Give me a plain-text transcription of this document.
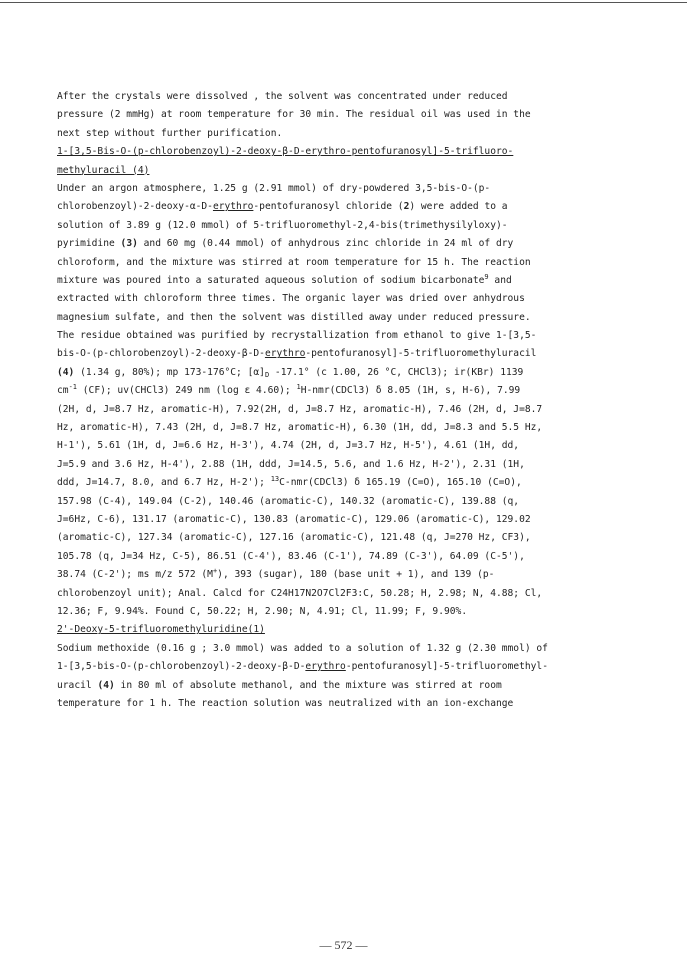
After the crystals were dissolved , the solvent was concentrated under reduced
pressure (2 mmHg) at room temperature for 30 min. The residual oil was used in the
next step without further purification.
1-[3,5-Bis-O-(p-chlorobenzoyl)-2-deoxy-β-D-erythro-pentofuranosyl]-5-trifluoro-
methyluracil (4)
Under an argon atmosphere, 1.25 g (2.91 mmol) of dry-powdered 3,5-bis-O-(p-
chlorobenzoyl)-2-deoxy-α-D-erythro-pentofuranosyl chloride (2) were added to a
solution of 3.89 g (12.0 mmol) of 5-trifluoromethyl-2,4-bis(trimethysilyloxy)-
pyrimidine (3) and 60 mg (0.44 mmol) of anhydrous zinc chloride in 24 ml of dry
chloroform, and the mixture was stirred at room temperature for 15 h. The reaction
mixture was poured into a saturated aqueous solution of sodium bicarbonate$^9$ and
extracted with chloroform three times. The organic layer was dried over anhydrous
magnesium sulfate, and then the solvent was distilled away under reduced pressure.
The residue obtained was purified by recrystallization from ethanol to give 1-[3,5-
bis-O-(p-chlorobenzoyl)-2-deoxy-β-D-erythro-pentofuranosyl]-5-trifluoromethyluracil
(4) (1.34 g, 80%); mp 173-176°C; $[\alpha]_D$ -17.1° (c 1.00, 26 °C, CHCl3); ir(KBr) 1139
$cm^{-1}$ (CF); uv(CHCl3) 249 nm (log ε 4.60); $^1$H-nmr(CDCl3) δ 8.05 (1H, s, H-6), 7.99
(2H, d, J=8.7 Hz, aromatic-H), 7.92(2H, d, J=8.7 Hz, aromatic-H), 7.46 (2H, d, J=8.7
Hz, aromatic-H), 7.43 (2H, d, J=8.7 Hz, aromatic-H), 6.30 (1H, dd, J=8.3 and 5.5 Hz,
H-1'), 5.61 (1H, d, J=6.6 Hz, H-3'), 4.74 (2H, d, J=3.7 Hz, H-5'), 4.61 (1H, dd,
J=5.9 and 3.6 Hz, H-4'), 2.88 (1H, ddd, J=14.5, 5.6, and 1.6 Hz, H-2'), 2.31 (1H,
ddd, J=14.7, 8.0, and 6.7 Hz, H-2'); $^{13}$C-nmr(CDCl3) δ 165.19 (C=O), 165.10 (C=O),
157.98 (C-4), 149.04 (C-2), 140.46 (aromatic-C), 140.32 (aromatic-C), 139.88 (q,
J=6Hz, C-6), 131.17 (aromatic-C), 130.83 (aromatic-C), 129.06 (aromatic-C), 129.02
(aromatic-C), 127.34 (aromatic-C), 127.16 (aromatic-C), 121.48 (q, J=270 Hz, CF3),
105.78 (q, J=34 Hz, C-5), 86.51 (C-4'), 83.46 (C-1'), 74.89 (C-3'), 64.09 (C-5'),
38.74 (C-2'); ms m/z 572 (M+), 393 (sugar), 180 (base unit + 1), and 139 (p-
chlorobenzoyl unit); Anal. Calcd for C24H17N2O7Cl2F3:C, 50.28; H, 2.98; N, 4.88; Cl,
12.36; F, 9.94%. Found C, 50.22; H, 2.90; N, 4.91; Cl, 11.99; F, 9.90%.
2'-Deoxy-5-trifluoromethyluridine(1)
Sodium methoxide (0.16 g ; 3.0 mmol) was added to a solution of 1.32 g (2.30 mmol) of
1-[3,5-bis-O-(p-chlorobenzoyl)-2-deoxy-β-D-erythro-pentofuranosyl]-5-trifluoromethyl-
uracil (4) in 80 ml of absolute methanol, and the mixture was stirred at room
temperature for 1 h. The reaction solution was neutralized with an ion-exchange
— 572 —
